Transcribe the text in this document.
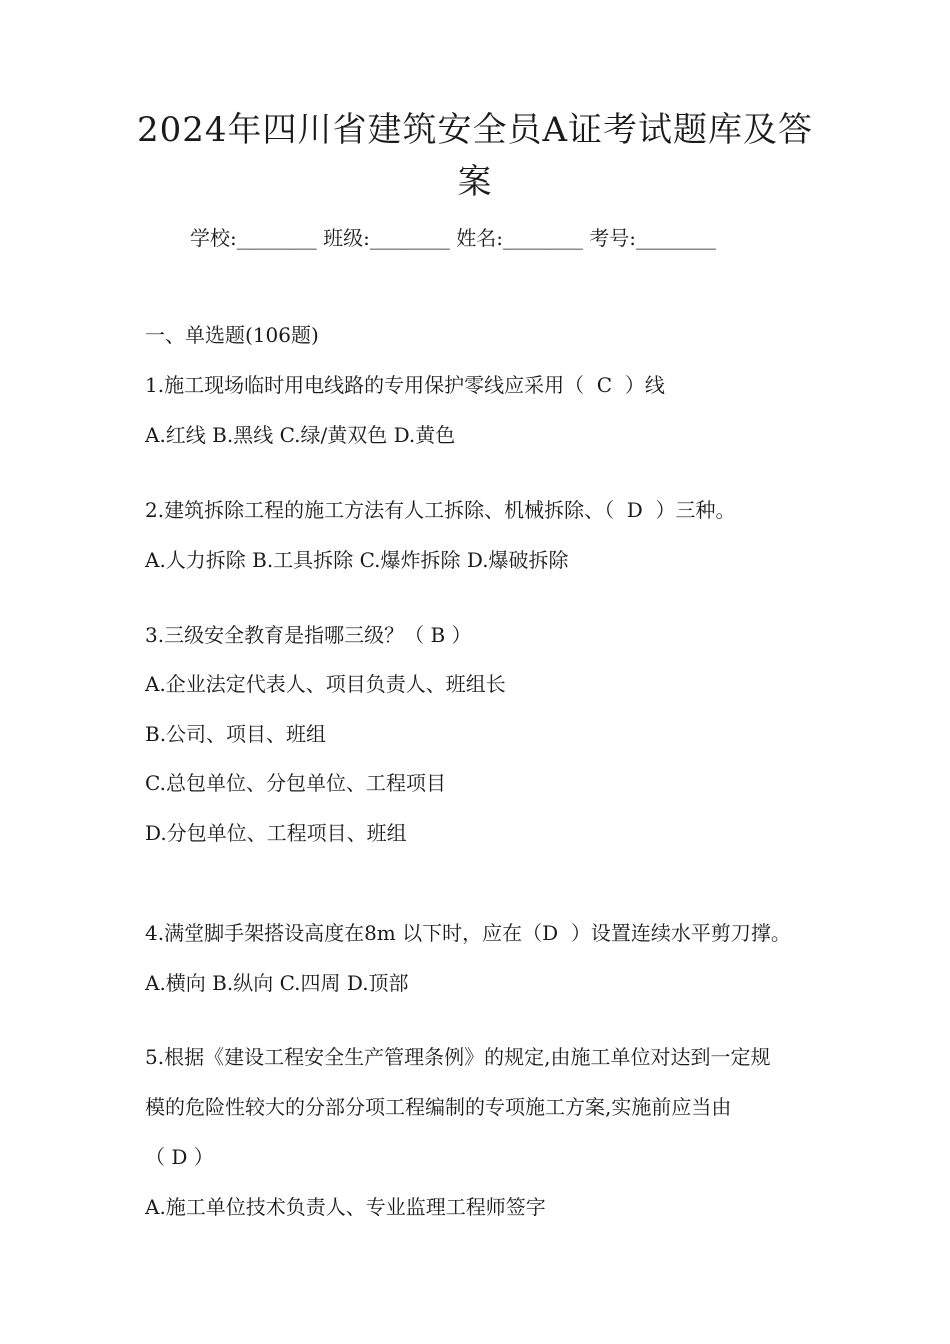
2024年四川省建筑安全员A证考试题库及答
案
学校:________ 班级:________ 姓名:________ 考号:________
一、单选题(106题)
1.施工现场临时用电线路的专用保护零线应采用（  C  ）线
A.红线 B.黑线 C.绿/黄双色 D.黄色
2.建筑拆除工程的施工方法有人工拆除、机械拆除、（  D  ）三种。
A.人力拆除 B.工具拆除 C.爆炸拆除 D.爆破拆除
3.三级安全教育是指哪三级？（ B ）
A.企业法定代表人、项目负责人、班组长
B.公司、项目、班组
C.总包单位、分包单位、工程项目
D.分包单位、工程项目、班组
4.满堂脚手架搭设高度在8m 以下时，应在（D  ）设置连续水平剪刀撑。
A.横向 B.纵向 C.四周 D.顶部
5.根据《建设工程安全生产管理条例》的规定,由施工单位对达到一定规
模的危险性较大的分部分项工程编制的专项施工方案,实施前应当由
（ D ）
A.施工单位技术负责人、专业监理工程师签字
